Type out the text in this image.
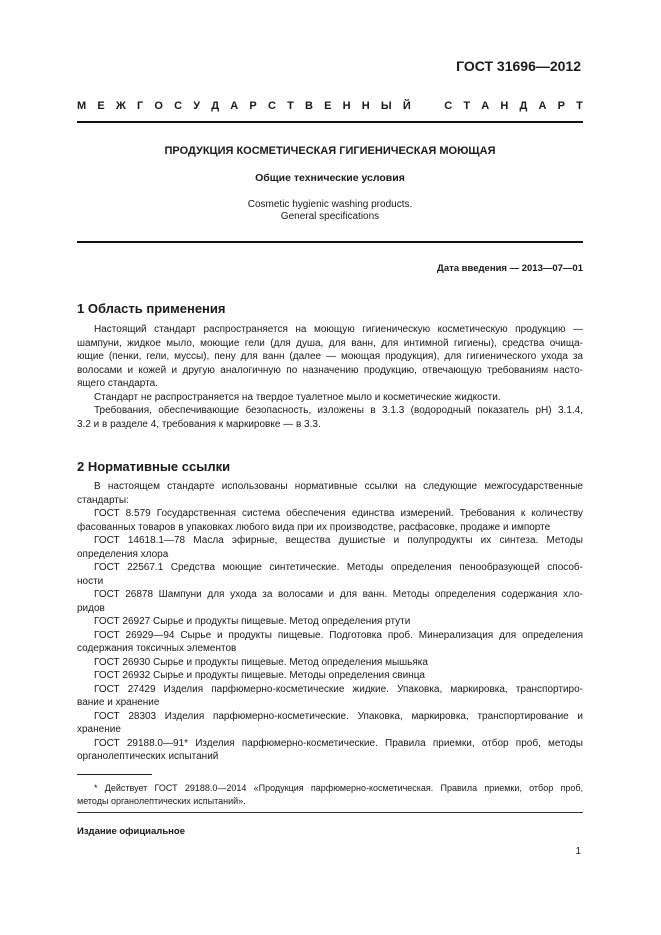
ГОСТ 31696—2012
М Е Ж Г О С У Д А Р С Т В Е Н Н Ы Й	С Т А Н Д А Р Т
ПРОДУКЦИЯ КОСМЕТИЧЕСКАЯ ГИГИЕНИЧЕСКАЯ МОЮЩАЯ
Общие технические условия
Cosmetic hygienic washing products.
General specifications
Дата введения — 2013—07—01
1 Область применения
Настоящий стандарт распространяется на моющую гигиеническую косметическую продукцию —
шампуни, жидкое мыло, моющие гели (для душа, для ванн, для интимной гигиены), средства очища-
ющие (пенки, гели, муссы), пену для ванн (далее — моющая продукция), для гигиенического ухода за
волосами и кожей и другую аналогичную по назначению продукцию, отвечающую требованиям насто-
ящего стандарта.
Стандарт не распространяется на твердое туалетное мыло и косметические жидкости.
Требования, обеспечивающие безопасность, изложены в 3.1.3 (водородный показатель рН) 3.1.4,
3.2 и в разделе 4, требования к маркировке — в 3.3.
2 Нормативные ссылки
В настоящем стандарте использованы нормативные ссылки на следующие межгосударственные
стандарты:
ГОСТ 8.579 Государственная система обеспечения единства измерений. Требования к количеству
фасованных товаров в упаковках любого вида при их производстве, расфасовке, продаже и импорте
ГОСТ 14618.1—78 Масла эфирные, вещества душистые и полупродукты их синтеза. Методы
определения хлора
ГОСТ 22567.1 Средства моющие синтетические. Методы определения пенообразующей способ-
ности
ГОСТ 26878 Шампуни для ухода за волосами и для ванн. Методы определения содержания хло-
ридов
ГОСТ 26927 Сырье и продукты пищевые. Метод определения ртути
ГОСТ 26929—94 Сырье и продукты пищевые. Подготовка проб. Минерализация для определения
содержания токсичных элементов
ГОСТ 26930 Сырье и продукты пищевые. Метод определения мышьяка
ГОСТ 26932 Сырье и продукты пищевые. Методы определения свинца
ГОСТ 27429 Изделия парфюмерно-косметические жидкие. Упаковка, маркировка, транспортиро-
вание и хранение
ГОСТ 28303 Изделия парфюмерно-косметические. Упаковка, маркировка, транспортирование и
хранение
ГОСТ 29188.0—91* Изделия парфюмерно-косметические. Правила приемки, отбор проб, методы
органолептических испытаний
* Действует ГОСТ 29188.0—2014 «Продукция парфюмерно-косметическая. Правила приемки, отбор проб,
методы органолептических испытаний».
Издание официальное
1
